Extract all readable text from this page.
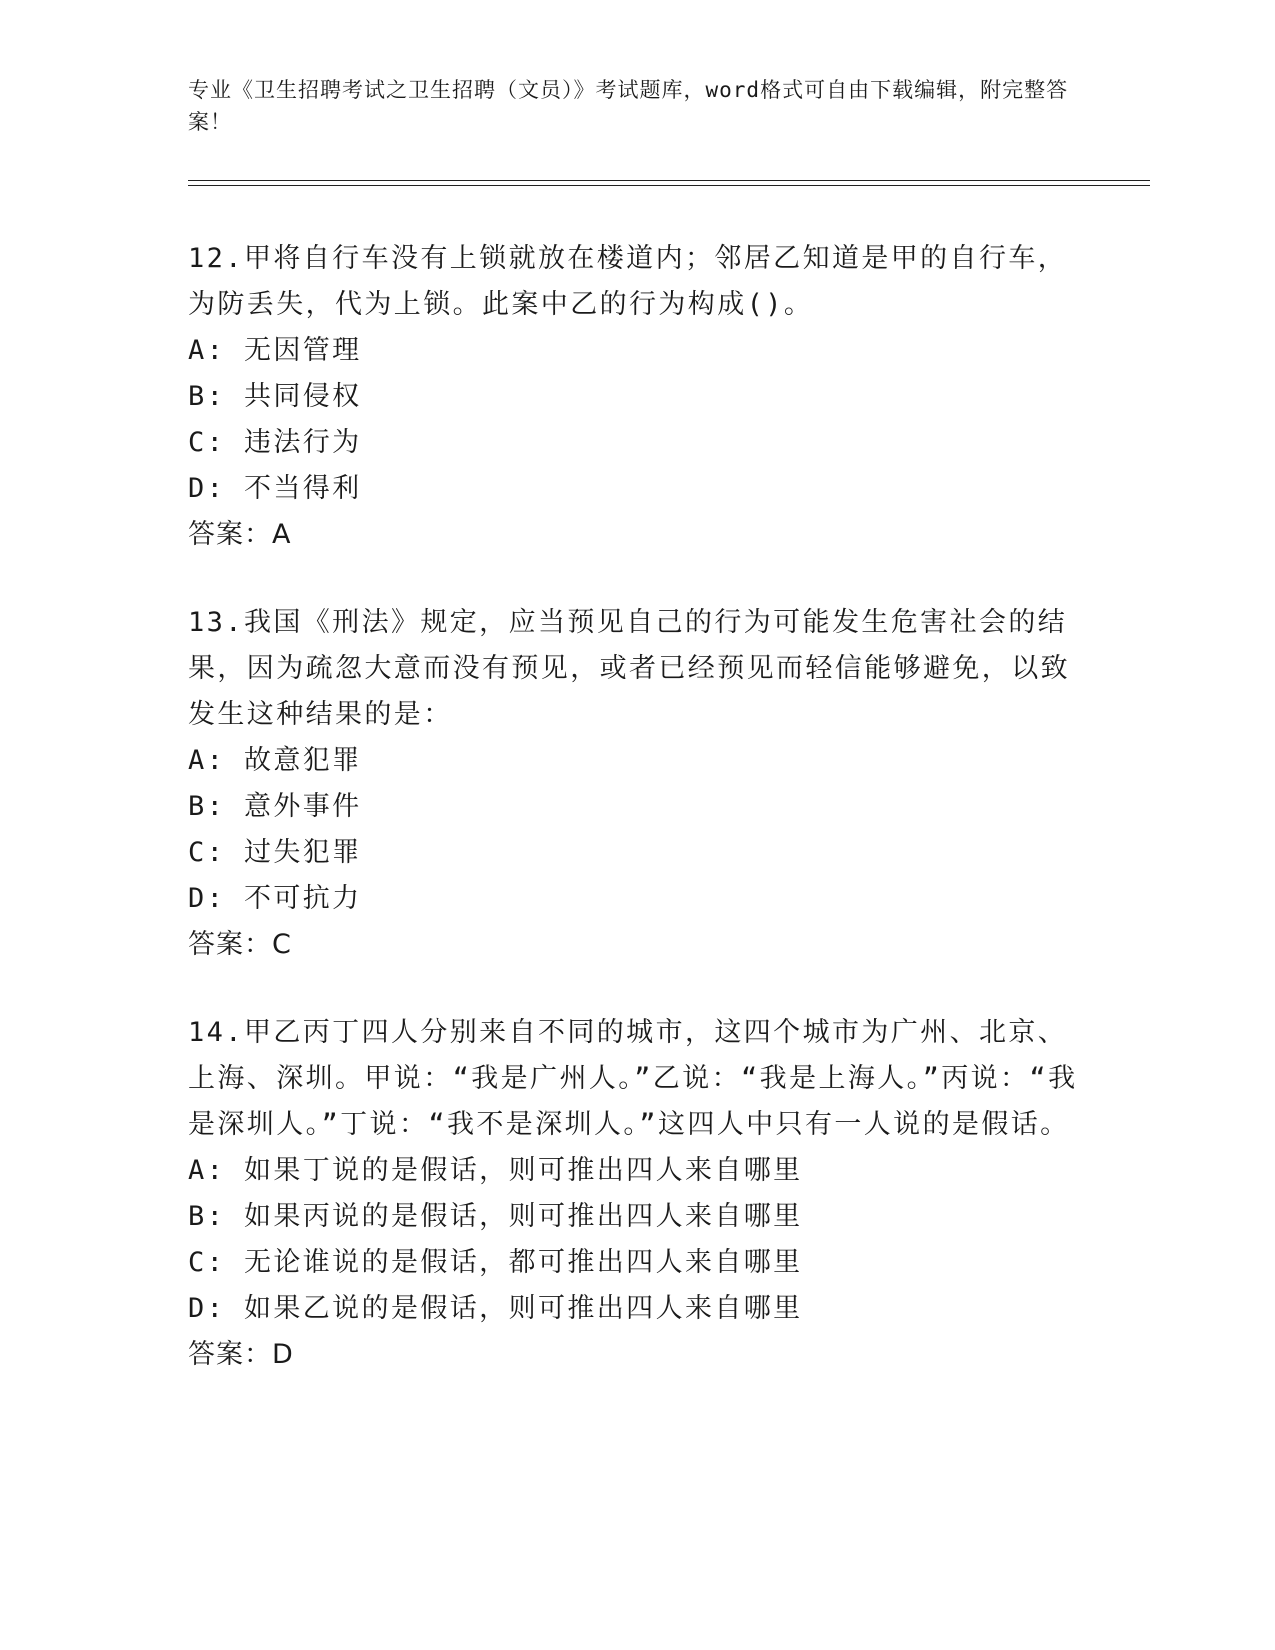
专业《卫生招聘考试之卫生招聘（文员）》考试题库，word格式可自由下载编辑，附完整答案！

12.甲将自行车没有上锁就放在楼道内；邻居乙知道是甲的自行车，为防丢失，代为上锁。此案中乙的行为构成()。

A: 无因管理

B: 共同侵权

C: 违法行为

D: 不当得利

答案：A

13.我国《刑法》规定，应当预见自己的行为可能发生危害社会的结果，因为疏忽大意而没有预见，或者已经预见而轻信能够避免，以致发生这种结果的是：

A: 故意犯罪

B: 意外事件

C: 过失犯罪

D: 不可抗力

答案：C

14.甲乙丙丁四人分别来自不同的城市，这四个城市为广州、北京、上海、深圳。甲说：“我是广州人。”乙说：“我是上海人。”丙说：“我是深圳人。”丁说：“我不是深圳人。”这四人中只有一人说的是假话。

A: 如果丁说的是假话，则可推出四人来自哪里

B: 如果丙说的是假话，则可推出四人来自哪里

C: 无论谁说的是假话，都可推出四人来自哪里

D: 如果乙说的是假话，则可推出四人来自哪里

答案：D
